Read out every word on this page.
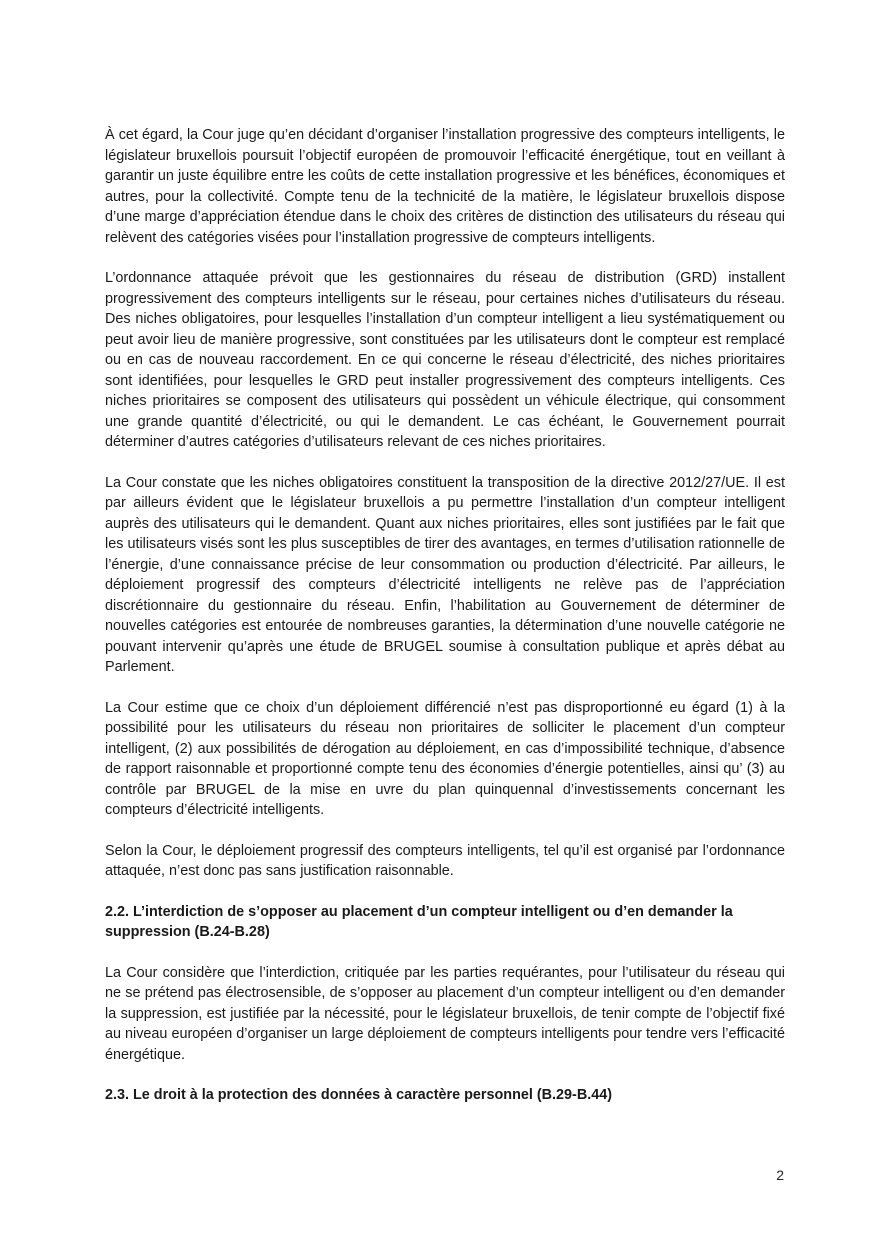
À cet égard, la Cour juge qu’en décidant d’organiser l’installation progressive des compteurs intelligents, le législateur bruxellois poursuit l’objectif européen de promouvoir l’efficacité énergétique, tout en veillant à garantir un juste équilibre entre les coûts de cette installation progressive et les bénéfices, économiques et autres, pour la collectivité. Compte tenu de la technicité de la matière, le législateur bruxellois dispose d’une marge d’appréciation étendue dans le choix des critères de distinction des utilisateurs du réseau qui relèvent des catégories visées pour l’installation progressive de compteurs intelligents.

L’ordonnance attaquée prévoit que les gestionnaires du réseau de distribution (GRD) installent progressivement des compteurs intelligents sur le réseau, pour certaines niches d’utilisateurs du réseau. Des niches obligatoires, pour lesquelles l’installation d’un compteur intelligent a lieu systématiquement ou peut avoir lieu de manière progressive, sont constituées par les utilisateurs dont le compteur est remplacé ou en cas de nouveau raccordement. En ce qui concerne le réseau d’électricité, des niches prioritaires sont identifiées, pour lesquelles le GRD peut installer progressivement des compteurs intelligents. Ces niches prioritaires se composent des utilisateurs qui possèdent un véhicule électrique, qui consomment une grande quantité d’électricité, ou qui le demandent. Le cas échéant, le Gouvernement pourrait déterminer d’autres catégories d’utilisateurs relevant de ces niches prioritaires.

La Cour constate que les niches obligatoires constituent la transposition de la directive 2012/27/UE. Il est par ailleurs évident que le législateur bruxellois a pu permettre l’installation d’un compteur intelligent auprès des utilisateurs qui le demandent. Quant aux niches prioritaires, elles sont justifiées par le fait que les utilisateurs visés sont les plus susceptibles de tirer des avantages, en termes d’utilisation rationnelle de l’énergie, d’une connaissance précise de leur consommation ou production d’électricité. Par ailleurs, le déploiement progressif des compteurs d’électricité intelligents ne relève pas de l’appréciation discrétionnaire du gestionnaire du réseau. Enfin, l’habilitation au Gouvernement de déterminer de nouvelles catégories est entourée de nombreuses garanties, la détermination d’une nouvelle catégorie ne pouvant intervenir qu’après une étude de BRUGEL soumise à consultation publique et après débat au Parlement.

La Cour estime que ce choix d’un déploiement différencié n’est pas disproportionné eu égard (1) à la possibilité pour les utilisateurs du réseau non prioritaires de solliciter le placement d’un compteur intelligent, (2) aux possibilités de dérogation au déploiement, en cas d’impossibilité technique, d’absence de rapport raisonnable et proportionné compte tenu des économies d’énergie potentielles, ainsi qu’ (3) au contrôle par BRUGEL de la mise en uvre du plan quinquennal d’investissements concernant les compteurs d’électricité intelligents.

Selon la Cour, le déploiement progressif des compteurs intelligents, tel qu’il est organisé par l’ordonnance attaquée, n’est donc pas sans justification raisonnable.

2.2. L’interdiction de s’opposer au placement d’un compteur intelligent ou d’en demander la suppression (B.24-B.28)

La Cour considère que l’interdiction, critiquée par les parties requérantes, pour l’utilisateur du réseau qui ne se prétend pas électrosensible, de s’opposer au placement d’un compteur intelligent ou d’en demander la suppression, est justifiée par la nécessité, pour le législateur bruxellois, de tenir compte de l’objectif fixé au niveau européen d’organiser un large déploiement de compteurs intelligents pour tendre vers l’efficacité énergétique.

2.3. Le droit à la protection des données à caractère personnel (B.29-B.44)
2
